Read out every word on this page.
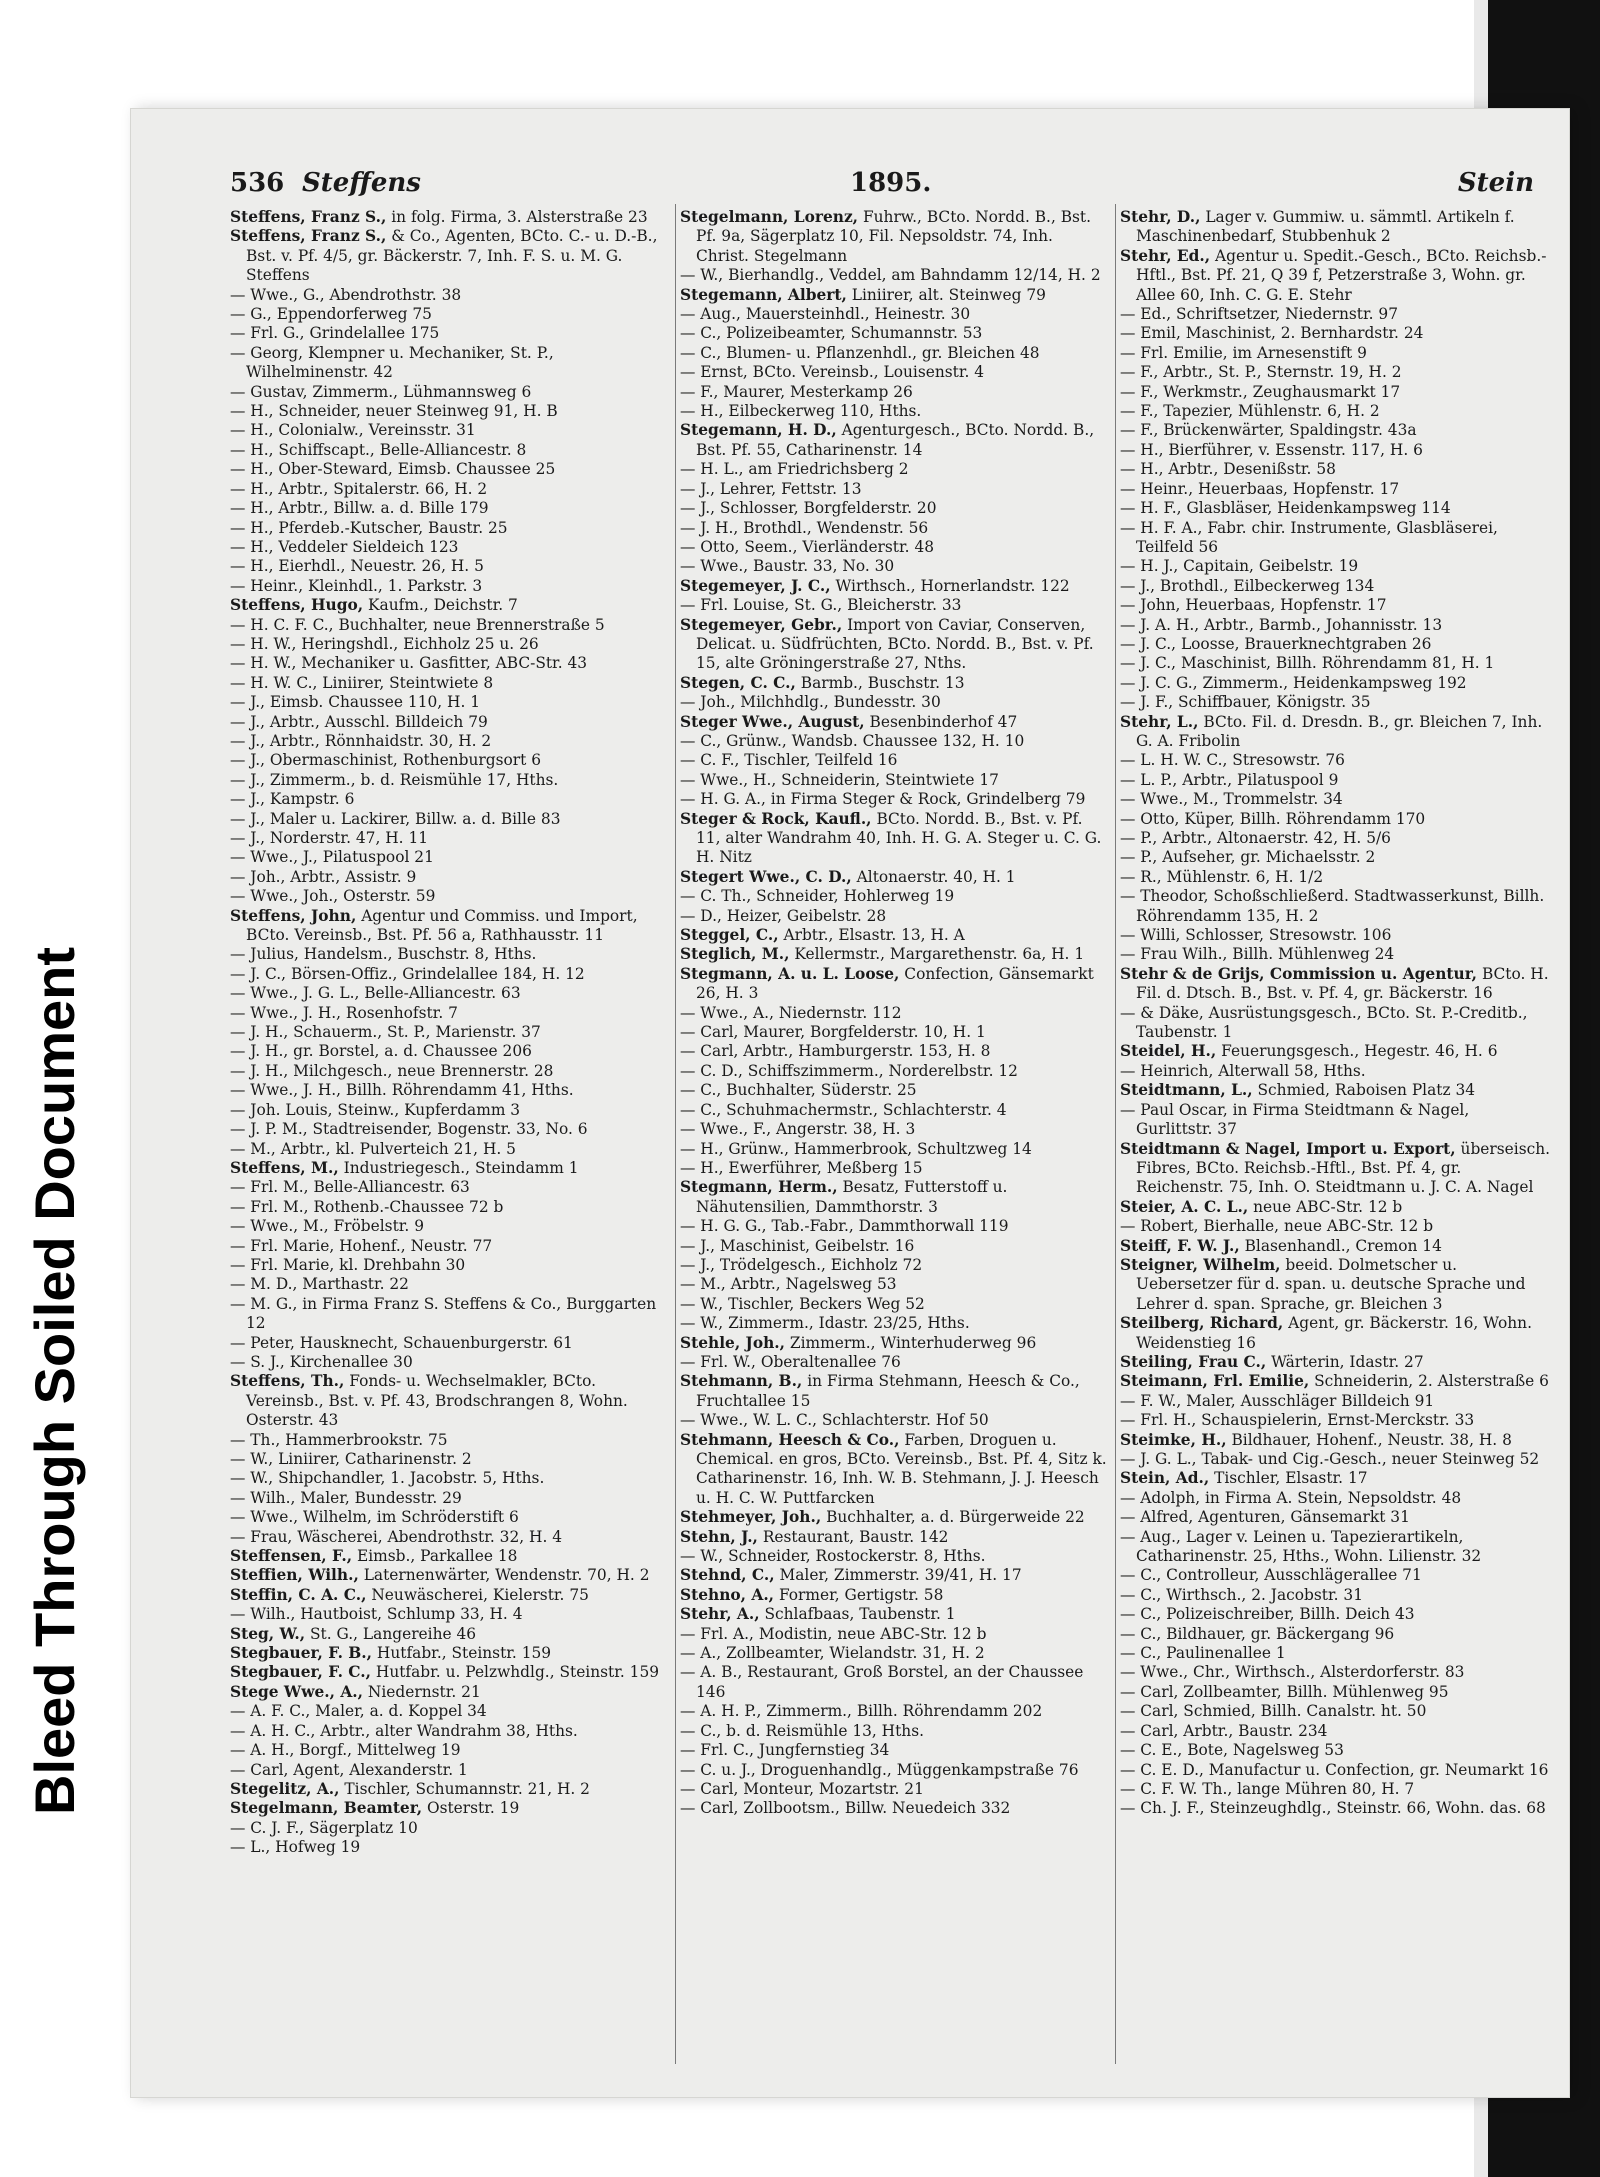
Bleed Through Soiled Document
536 Steffens	1895.	Stein

Steffens, Franz S., in folg. Firma, 3. Alsterstraße 23

Steffens, Franz S., & Co., Agenten, BCto. C.- u. D.-B., Bst. v. Pf. 4/5, gr. Bäckerstr. 7, Inh. F. S. u. M. G. Steffens

— Wwe., G., Abendrothstr. 38

— G., Eppendorferweg 75

— Frl. G., Grindelallee 175

— Georg, Klempner u. Mechaniker, St. P., Wilhelminenstr. 42

— Gustav, Zimmerm., Lühmannsweg 6

— H., Schneider, neuer Steinweg 91, H. B

— H., Colonialw., Vereinsstr. 31

— H., Schiffscapt., Belle-Alliancestr. 8

— H., Ober-Steward, Eimsb. Chaussee 25

— H., Arbtr., Spitalerstr. 66, H. 2

— H., Arbtr., Billw. a. d. Bille 179

— H., Pferdeb.-Kutscher, Baustr. 25

— H., Veddeler Sieldeich 123

— H., Eierhdl., Neuestr. 26, H. 5

— Heinr., Kleinhdl., 1. Parkstr. 3

Steffens, Hugo, Kaufm., Deichstr. 7

— H. C. F. C., Buchhalter, neue Brennerstraße 5

— H. W., Heringshdl., Eichholz 25 u. 26

— H. W., Mechaniker u. Gasfitter, ABC-Str. 43

— H. W. C., Liniirer, Steintwiete 8

— J., Eimsb. Chaussee 110, H. 1

— J., Arbtr., Ausschl. Billdeich 79

— J., Arbtr., Rönnhaidstr. 30, H. 2

— J., Obermaschinist, Rothenburgsort 6

— J., Zimmerm., b. d. Reismühle 17, Hths.

— J., Kampstr. 6

— J., Maler u. Lackirer, Billw. a. d. Bille 83

— J., Norderstr. 47, H. 11

— Wwe., J., Pilatuspool 21

— Joh., Arbtr., Assistr. 9

— Wwe., Joh., Osterstr. 59

Steffens, John, Agentur und Commiss. und Import, BCto. Vereinsb., Bst. Pf. 56 a, Rathhausstr. 11

— Julius, Handelsm., Buschstr. 8, Hths.

— J. C., Börsen-Offiz., Grindelallee 184, H. 12

— Wwe., J. G. L., Belle-Alliancestr. 63

— Wwe., J. H., Rosenhofstr. 7

— J. H., Schauerm., St. P., Marienstr. 37

— J. H., gr. Borstel, a. d. Chaussee 206

— J. H., Milchgesch., neue Brennerstr. 28

— Wwe., J. H., Billh. Röhrendamm 41, Hths.

— Joh. Louis, Steinw., Kupferdamm 3

— J. P. M., Stadtreisender, Bogenstr. 33, No. 6

— M., Arbtr., kl. Pulverteich 21, H. 5

Steffens, M., Industriegesch., Steindamm 1

— Frl. M., Belle-Alliancestr. 63

— Frl. M., Rothenb.-Chaussee 72 b

— Wwe., M., Fröbelstr. 9

— Frl. Marie, Hohenf., Neustr. 77

— Frl. Marie, kl. Drehbahn 30

— M. D., Marthastr. 22

— M. G., in Firma Franz S. Steffens & Co., Burggarten 12

— Peter, Hausknecht, Schauenburgerstr. 61

— S. J., Kirchenallee 30

Steffens, Th., Fonds- u. Wechselmakler, BCto. Vereinsb., Bst. v. Pf. 43, Brodschrangen 8, Wohn. Osterstr. 43

— Th., Hammerbrookstr. 75

— W., Liniirer, Catharinenstr. 2

— W., Shipchandler, 1. Jacobstr. 5, Hths.

— Wilh., Maler, Bundesstr. 29

— Wwe., Wilhelm, im Schröderstift 6

— Frau, Wäscherei, Abendrothstr. 32, H. 4

Steffensen, F., Eimsb., Parkallee 18

Steffien, Wilh., Laternenwärter, Wendenstr. 70, H. 2

Steffin, C. A. C., Neuwäscherei, Kielerstr. 75

— Wilh., Hautboist, Schlump 33, H. 4

Steg, W., St. G., Langereihe 46

Stegbauer, F. B., Hutfabr., Steinstr. 159

Stegbauer, F. C., Hutfabr. u. Pelzwhdlg., Steinstr. 159

Stege Wwe., A., Niedernstr. 21

— A. F. C., Maler, a. d. Koppel 34

— A. H. C., Arbtr., alter Wandrahm 38, Hths.

— A. H., Borgf., Mittelweg 19

— Carl, Agent, Alexanderstr. 1

Stegelitz, A., Tischler, Schumannstr. 21, H. 2

Stegelmann, Beamter, Osterstr. 19

— C. J. F., Sägerplatz 10

— L., Hofweg 19

Stegelmann, Lorenz, Fuhrw., BCto. Nordd. B., Bst. Pf. 9a, Sägerplatz 10, Fil. Nepsoldstr. 74, Inh. Christ. Stegelmann

— W., Bierhandlg., Veddel, am Bahndamm 12/14, H. 2

Stegemann, Albert, Liniirer, alt. Steinweg 79

— Aug., Mauersteinhdl., Heinestr. 30

— C., Polizeibeamter, Schumannstr. 53

— C., Blumen- u. Pflanzenhdl., gr. Bleichen 48

— Ernst, BCto. Vereinsb., Louisenstr. 4

— F., Maurer, Mesterkamp 26

— H., Eilbeckerweg 110, Hths.

Stegemann, H. D., Agenturgesch., BCto. Nordd. B., Bst. Pf. 55, Catharinenstr. 14

— H. L., am Friedrichsberg 2

— J., Lehrer, Fettstr. 13

— J., Schlosser, Borgfelderstr. 20

— J. H., Brothdl., Wendenstr. 56

— Otto, Seem., Vierländerstr. 48

— Wwe., Baustr. 33, No. 30

Stegemeyer, J. C., Wirthsch., Hornerlandstr. 122

— Frl. Louise, St. G., Bleicherstr. 33

Stegemeyer, Gebr., Import von Caviar, Conserven, Delicat. u. Südfrüchten, BCto. Nordd. B., Bst. v. Pf. 15, alte Gröningerstraße 27, Nths.

Stegen, C. C., Barmb., Buschstr. 13

— Joh., Milchhdlg., Bundesstr. 30

Steger Wwe., August, Besenbinderhof 47

— C., Grünw., Wandsb. Chaussee 132, H. 10

— C. F., Tischler, Teilfeld 16

— Wwe., H., Schneiderin, Steintwiete 17

— H. G. A., in Firma Steger & Rock, Grindelberg 79

Steger & Rock, Kaufl., BCto. Nordd. B., Bst. v. Pf. 11, alter Wandrahm 40, Inh. H. G. A. Steger u. C. G. H. Nitz

Stegert Wwe., C. D., Altonaerstr. 40, H. 1

— C. Th., Schneider, Hohlerweg 19

— D., Heizer, Geibelstr. 28

Steggel, C., Arbtr., Elsastr. 13, H. A

Steglich, M., Kellermstr., Margarethenstr. 6a, H. 1

Stegmann, A. u. L. Loose, Confection, Gänsemarkt 26, H. 3

— Wwe., A., Niedernstr. 112

— Carl, Maurer, Borgfelderstr. 10, H. 1

— Carl, Arbtr., Hamburgerstr. 153, H. 8

— C. D., Schiffszimmerm., Norderelbstr. 12

— C., Buchhalter, Süderstr. 25

— C., Schuhmachermstr., Schlachterstr. 4

— Wwe., F., Angerstr. 38, H. 3

— H., Grünw., Hammerbrook, Schultzweg 14

— H., Ewerführer, Meßberg 15

Stegmann, Herm., Besatz, Futterstoff u. Nähutensilien, Dammthorstr. 3

— H. G. G., Tab.-Fabr., Dammthorwall 119

— J., Maschinist, Geibelstr. 16

— J., Trödelgesch., Eichholz 72

— M., Arbtr., Nagelsweg 53

— W., Tischler, Beckers Weg 52

— W., Zimmerm., Idastr. 23/25, Hths.

Stehle, Joh., Zimmerm., Winterhuderweg 96

— Frl. W., Oberaltenallee 76

Stehmann, B., in Firma Stehmann, Heesch & Co., Fruchtallee 15

— Wwe., W. L. C., Schlachterstr. Hof 50

Stehmann, Heesch & Co., Farben, Droguen u. Chemical. en gros, BCto. Vereinsb., Bst. Pf. 4, Sitz k. Catharinenstr. 16, Inh. W. B. Stehmann, J. J. Heesch u. H. C. W. Puttfarcken

Stehmeyer, Joh., Buchhalter, a. d. Bürgerweide 22

Stehn, J., Restaurant, Baustr. 142

— W., Schneider, Rostockerstr. 8, Hths.

Stehnd, C., Maler, Zimmerstr. 39/41, H. 17

Stehno, A., Former, Gertigstr. 58

Stehr, A., Schlafbaas, Taubenstr. 1

— Frl. A., Modistin, neue ABC-Str. 12 b

— A., Zollbeamter, Wielandstr. 31, H. 2

— A. B., Restaurant, Groß Borstel, an der Chaussee 146

— A. H. P., Zimmerm., Billh. Röhrendamm 202

— C., b. d. Reismühle 13, Hths.

— Frl. C., Jungfernstieg 34

— C. u. J., Droguenhandlg., Müggenkampstraße 76

— Carl, Monteur, Mozartstr. 21

— Carl, Zollbootsm., Billw. Neuedeich 332

Stehr, D., Lager v. Gummiw. u. sämmtl. Artikeln f. Maschinenbedarf, Stubbenhuk 2

Stehr, Ed., Agentur u. Spedit.-Gesch., BCto. Reichsb.-Hftl., Bst. Pf. 21, Q 39 f, Petzerstraße 3, Wohn. gr. Allee 60, Inh. C. G. E. Stehr

— Ed., Schriftsetzer, Niedernstr. 97

— Emil, Maschinist, 2. Bernhardstr. 24

— Frl. Emilie, im Arnesenstift 9

— F., Arbtr., St. P., Sternstr. 19, H. 2

— F., Werkmstr., Zeughausmarkt 17

— F., Tapezier, Mühlenstr. 6, H. 2

— F., Brückenwärter, Spaldingstr. 43a

— H., Bierführer, v. Essenstr. 117, H. 6

— H., Arbtr., Desenißstr. 58

— Heinr., Heuerbaas, Hopfenstr. 17

— H. F., Glasbläser, Heidenkampsweg 114

— H. F. A., Fabr. chir. Instrumente, Glasbläserei, Teilfeld 56

— H. J., Capitain, Geibelstr. 19

— J., Brothdl., Eilbeckerweg 134

— John, Heuerbaas, Hopfenstr. 17

— J. A. H., Arbtr., Barmb., Johannisstr. 13

— J. C., Loosse, Brauerknechtgraben 26

— J. C., Maschinist, Billh. Röhrendamm 81, H. 1

— J. C. G., Zimmerm., Heidenkampsweg 192

— J. F., Schiffbauer, Königstr. 35

Stehr, L., BCto. Fil. d. Dresdn. B., gr. Bleichen 7, Inh. G. A. Fribolin

— L. H. W. C., Stresowstr. 76

— L. P., Arbtr., Pilatuspool 9

— Wwe., M., Trommelstr. 34

— Otto, Küper, Billh. Röhrendamm 170

— P., Arbtr., Altonaerstr. 42, H. 5/6

— P., Aufseher, gr. Michaelsstr. 2

— R., Mühlenstr. 6, H. 1/2

— Theodor, Schoßschließerd. Stadtwasserkunst, Billh. Röhrendamm 135, H. 2

— Willi, Schlosser, Stresowstr. 106

— Frau Wilh., Billh. Mühlenweg 24

Stehr & de Grijs, Commission u. Agentur, BCto. H. Fil. d. Dtsch. B., Bst. v. Pf. 4, gr. Bäckerstr. 16

— & Däke, Ausrüstungsgesch., BCto. St. P.-Creditb., Taubenstr. 1

Steidel, H., Feuerungsgesch., Hegestr. 46, H. 6

— Heinrich, Alterwall 58, Hths.

Steidtmann, L., Schmied, Raboisen Platz 34

— Paul Oscar, in Firma Steidtmann & Nagel, Gurlittstr. 37

Steidtmann & Nagel, Import u. Export, überseisch. Fibres, BCto. Reichsb.-Hftl., Bst. Pf. 4, gr. Reichenstr. 75, Inh. O. Steidtmann u. J. C. A. Nagel

Steier, A. C. L., neue ABC-Str. 12 b

— Robert, Bierhalle, neue ABC-Str. 12 b

Steiff, F. W. J., Blasenhandl., Cremon 14

Steigner, Wilhelm, beeid. Dolmetscher u. Uebersetzer für d. span. u. deutsche Sprache und Lehrer d. span. Sprache, gr. Bleichen 3

Steilberg, Richard, Agent, gr. Bäckerstr. 16, Wohn. Weidenstieg 16

Steiling, Frau C., Wärterin, Idastr. 27

Steimann, Frl. Emilie, Schneiderin, 2. Alsterstraße 6

— F. W., Maler, Ausschläger Billdeich 91

— Frl. H., Schauspielerin, Ernst-Merckstr. 33

Steimke, H., Bildhauer, Hohenf., Neustr. 38, H. 8

— J. G. L., Tabak- und Cig.-Gesch., neuer Steinweg 52

Stein, Ad., Tischler, Elsastr. 17

— Adolph, in Firma A. Stein, Nepsoldstr. 48

— Alfred, Agenturen, Gänsemarkt 31

— Aug., Lager v. Leinen u. Tapezierartikeln, Catharinenstr. 25, Hths., Wohn. Lilienstr. 32

— C., Controlleur, Ausschlägerallee 71

— C., Wirthsch., 2. Jacobstr. 31

— C., Polizeischreiber, Billh. Deich 43

— C., Bildhauer, gr. Bäckergang 96

— C., Paulinenallee 1

— Wwe., Chr., Wirthsch., Alsterdorferstr. 83

— Carl, Zollbeamter, Billh. Mühlenweg 95

— Carl, Schmied, Billh. Canalstr. ht. 50

— Carl, Arbtr., Baustr. 234

— C. E., Bote, Nagelsweg 53

— C. E. D., Manufactur u. Confection, gr. Neumarkt 16

— C. F. W. Th., lange Mühren 80, H. 7

— Ch. J. F., Steinzeughdlg., Steinstr. 66, Wohn. das. 68
